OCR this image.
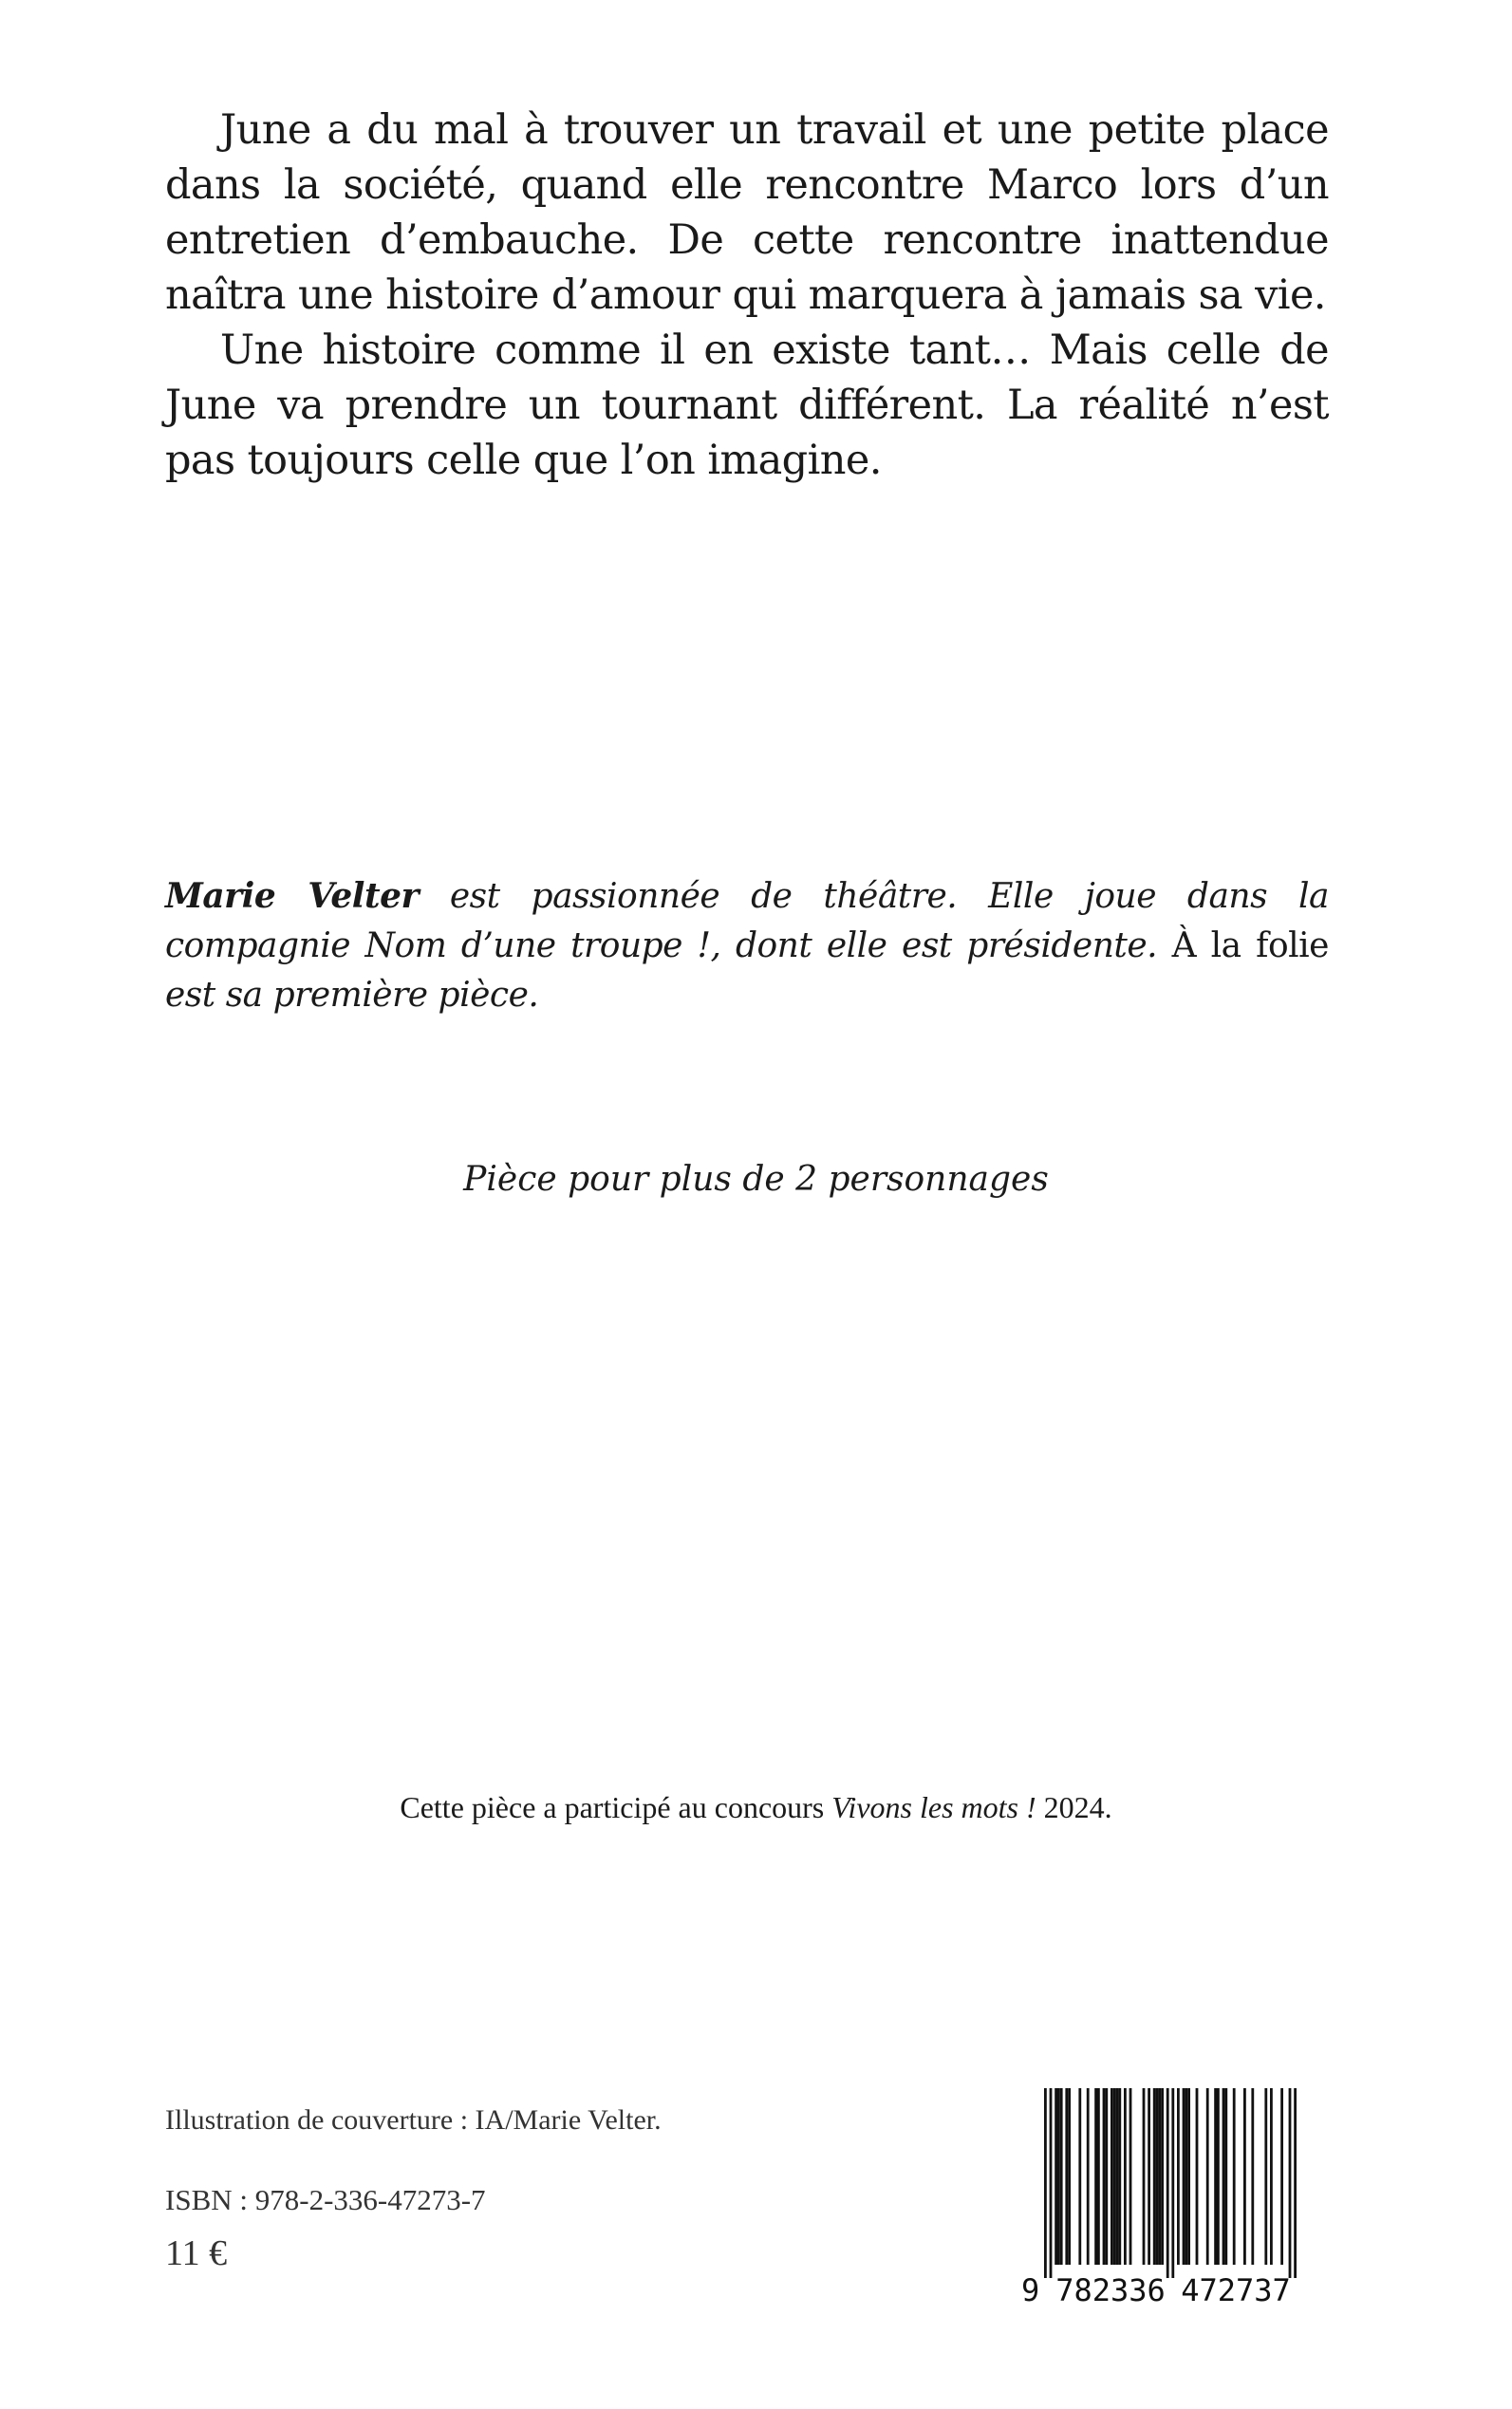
June a du mal à trouver un travail et une petite place dans la société, quand elle rencontre Marco lors d’un entretien d’embauche. De cette rencontre inattendue naîtra une histoire d’amour qui marquera à jamais sa vie.

Une histoire comme il en existe tant… Mais celle de June va prendre un tournant différent. La réalité n’est pas toujours celle que l’on imagine.

Marie Velter est passionnée de théâtre. Elle joue dans la compagnie Nom d’une troupe !, dont elle est présidente. À la folie est sa première pièce.

Pièce pour plus de 2 personnages

Cette pièce a participé au concours Vivons les mots ! 2024.

Illustration de couverture : IA/Marie Velter.

ISBN : 978-2-336-47273-7

11 €

9 782336 472737
